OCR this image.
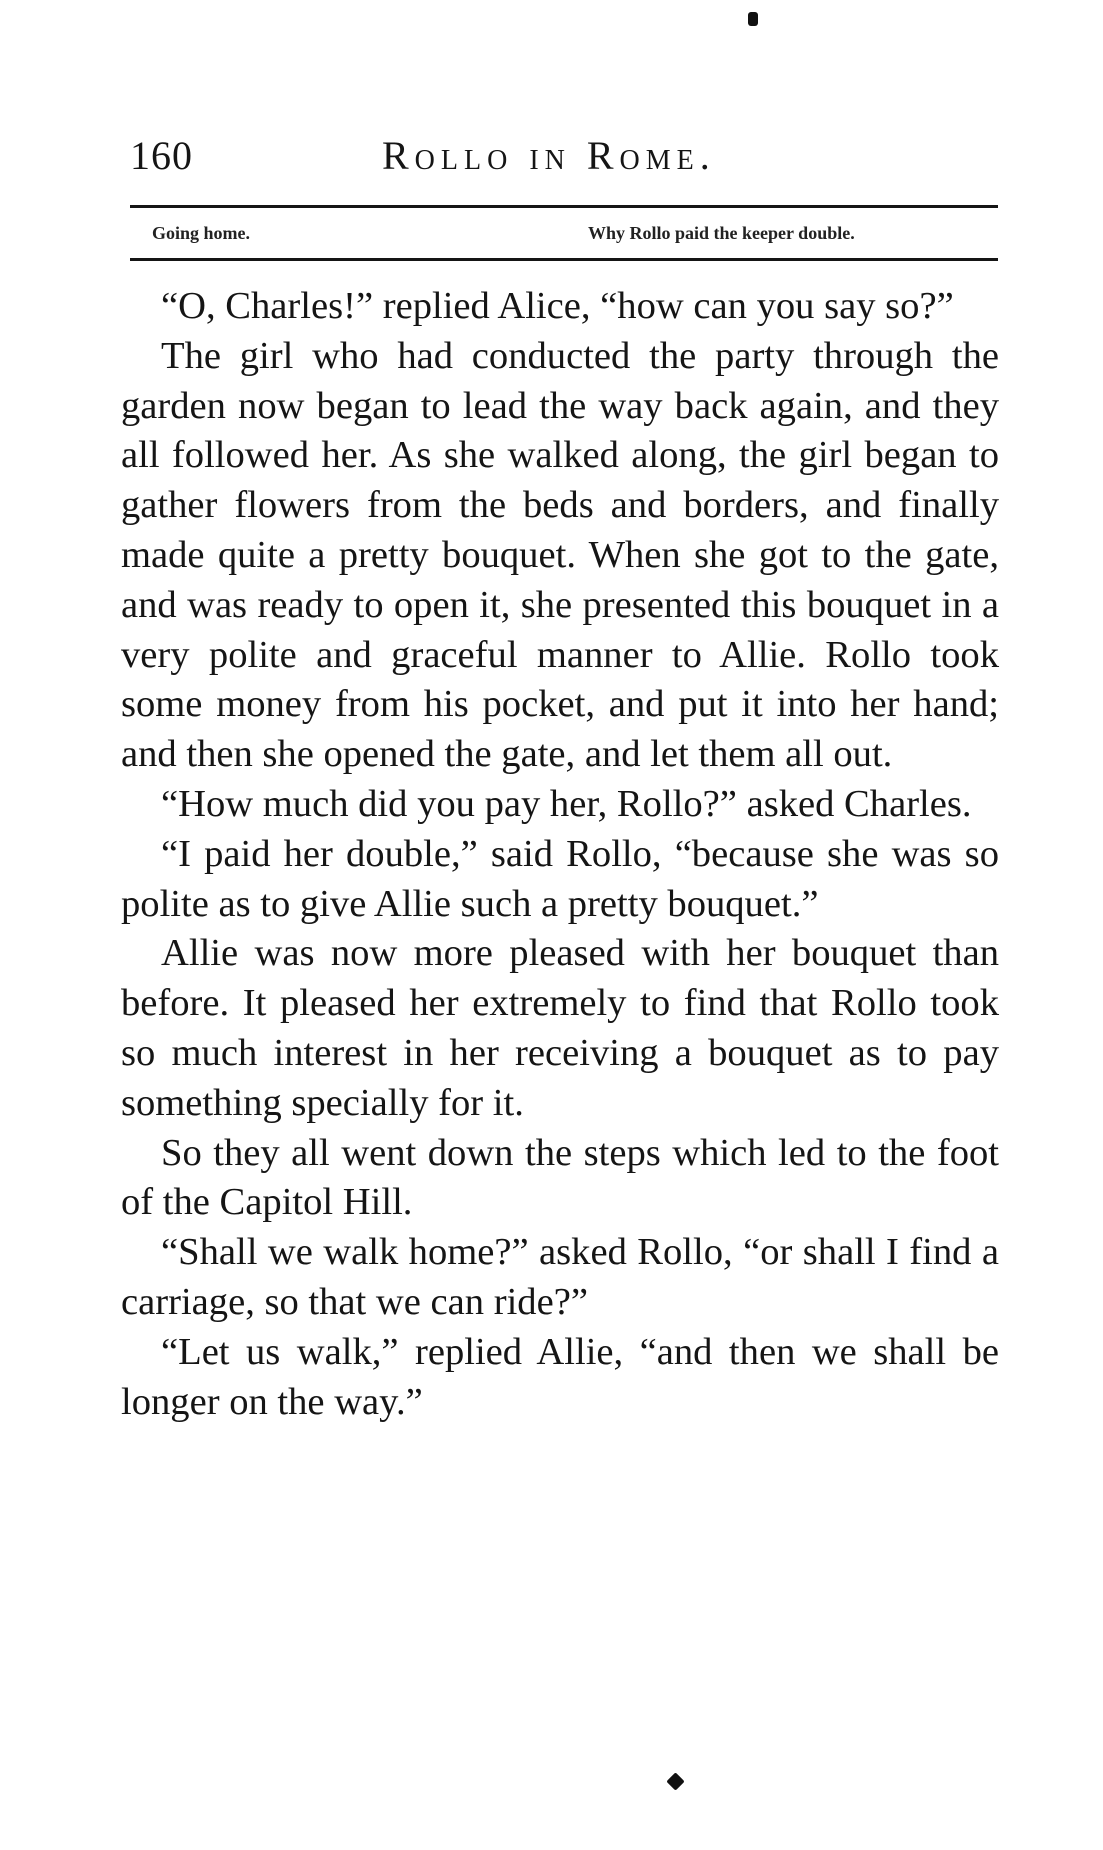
160	Rollo in Rome.
Going home.	Why Rollo paid the keeper double.

“O, Charles!” replied Alice, “how can you say so?”

The girl who had conducted the party through the garden now began to lead the way back again, and they all followed her. As she walked along, the girl began to gather flowers from the beds and borders, and finally made quite a pretty bouquet. When she got to the gate, and was ready to open it, she presented this bouquet in a very polite and graceful manner to Allie. Rollo took some money from his pocket, and put it into her hand; and then she opened the gate, and let them all out.

“How much did you pay her, Rollo?” asked Charles.

“I paid her double,” said Rollo, “because she was so polite as to give Allie such a pretty bouquet.”

Allie was now more pleased with her bouquet than before. It pleased her extremely to find that Rollo took so much interest in her receiving a bouquet as to pay something specially for it.

So they all went down the steps which led to the foot of the Capitol Hill.

“Shall we walk home?” asked Rollo, “or shall I find a carriage, so that we can ride?”

“Let us walk,” replied Allie, “and then we shall be longer on the way.”
